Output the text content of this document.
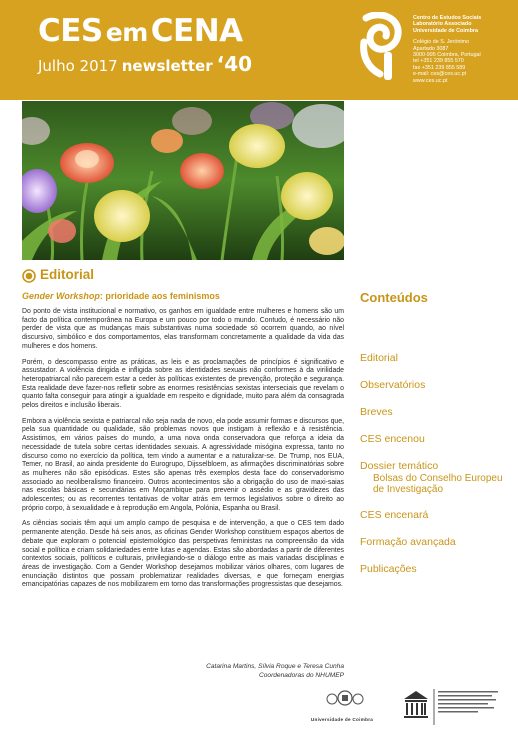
CES emCENA
Julho 2017 newsletter ‘40
Centro de Estudos Sociais
Laboratório Associado
Universidade de Coimbra
Colégio de S. Jerónimo
Apartado 3087
3000-995 Coimbra, Portugal
tel +351 239 855 570
fax +351 239 855 589
e-mail: ces@ces.uc.pt
www.ces.uc.pt
Editorial
Gender Workshop: prioridade aos feminismos

Do ponto de vista institucional e normativo, os ganhos em igualdade entre mulheres e homens são um facto da política contemporânea na Europa e um pouco por todo o mundo. Contudo, é necessário não perder de vista que as mudanças mais substantivas numa sociedade só ocorrem quando, ao nível discursivo, simbólico e dos comportamentos, elas transformam concretamente a qualidade da vida das mulheres e dos homens.

Porém, o descompasso entre as práticas, as leis e as proclamações de princípios é significativo e assustador. A violência dirigida e infligida sobre as identidades sexuais não conformes à da virilidade heteropatriarcal não parecem estar a ceder às políticas existentes de prevenção, proteção e segurança. Esta realidade deve fazer-nos refletir sobre as enormes resistências sexistas interseciais que revelam o quanto falta conseguir para atingir a igualdade em respeito e dignidade, muito para além da consagrada pelos direitos e inclusão liberais.

Embora a violência sexista e patriarcal não seja nada de novo, ela pode assumir formas e discursos que, pela sua quantidade ou qualidade, são problemas novos que instigam à reflexão e à resistência. Assistimos, em vários países do mundo, a uma nova onda conservadora que reforça a ideia da necessidade de tutela sobre certas identidades sexuais. A agressividade misógina expressa, tanto no discurso como no exercício da política, tem vindo a aumentar e a naturalizar-se. De Trump, nos EUA, Temer, no Brasil, ao ainda presidente do Eurogrupo, Dijsselbloem, as afirmações discriminatórias sobre as mulheres não são episódicas. Estes são apenas três exemplos desta face do conservadorismo associado ao neoliberalismo financeiro. Outros acontecimentos são a obrigação do uso de maxi-saias nas escolas básicas e secundárias em Moçambique para prevenir o assédio e as gravidezes das adolescentes; ou as recorrentes tentativas de voltar atrás em termos legislativos sobre o direito ao próprio corpo, à sexualidade e à reprodução em Angola, Polónia, Espanha ou Brasil.

As ciências sociais têm aqui um amplo campo de pesquisa e de intervenção, a que o CES tem dado permanente atenção. Desde há seis anos, as oficinas Gender Workshop constituem espaços abertos de debate que exploram o potencial epistemológico das perspetivas feministas na compreensão da vida social e política e criam solidariedades entre lutas e agendas. Estas são abordadas a partir de diferentes contextos sociais, políticos e culturais, privilegiando-se o diálogo entre as mais variadas disciplinas e áreas de investigação. Com a Gender Workshop desejamos mobilizar vários olhares, com lugares de enunciação distintos que possam problematizar realidades diversas, e que forneçam energias emancipatórias capazes de nos mobilizarem em torno das transformações progressistas que desejamos.

Catarina Martins, Sílvia Roque e Teresa Cunha
Coordenadoras do NHUMEP
Conteúdos
Editorial
Observatórios
Breves
CES encenou
Dossier temático
Bolsas do Conselho Europeu de Investigação
CES encenará
Formação avançada
Publicações
Universidade de Coimbra
